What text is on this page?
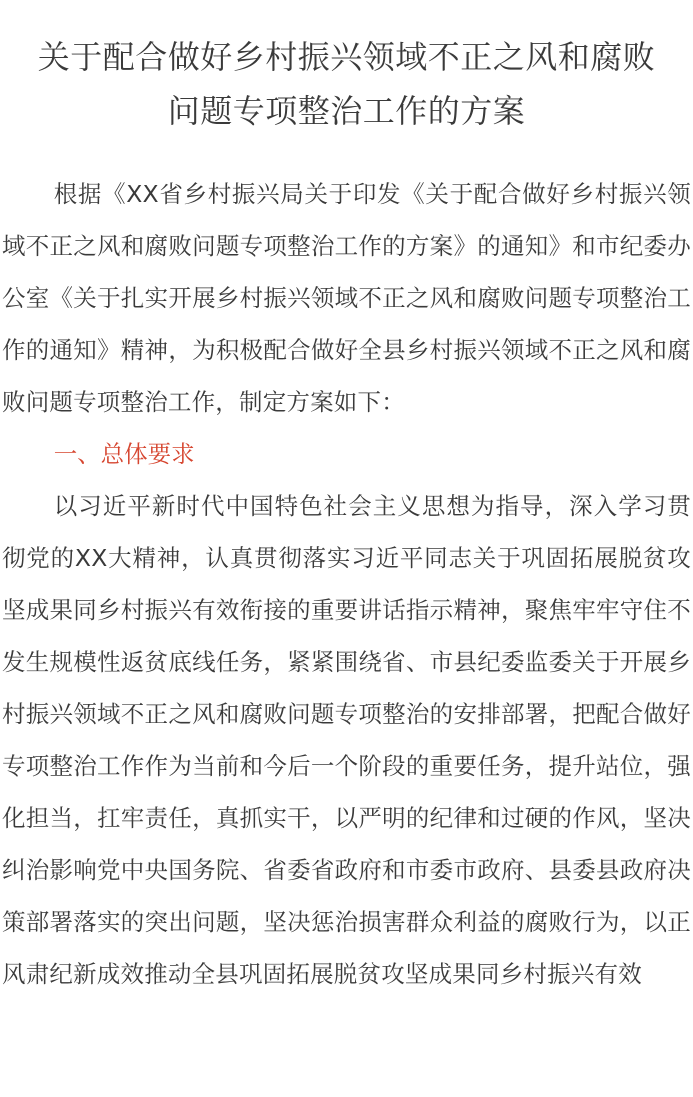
关于配合做好乡村振兴领域不正之风和腐败
问题专项整治工作的方案

根据《XX省乡村振兴局关于印发《关于配合做好乡村振兴领域不正之风和腐败问题专项整治工作的方案》的通知》和市纪委办公室《关于扎实开展乡村振兴领域不正之风和腐败问题专项整治工作的通知》精神，为积极配合做好全县乡村振兴领域不正之风和腐败问题专项整治工作，制定方案如下：

一、总体要求

以习近平新时代中国特色社会主义思想为指导，深入学习贯彻党的XX大精神，认真贯彻落实习近平同志关于巩固拓展脱贫攻坚成果同乡村振兴有效衔接的重要讲话指示精神，聚焦牢牢守住不发生规模性返贫底线任务，紧紧围绕省、市县纪委监委关于开展乡村振兴领域不正之风和腐败问题专项整治的安排部署，把配合做好专项整治工作作为当前和今后一个阶段的重要任务，提升站位，强化担当，扛牢责任，真抓实干，以严明的纪律和过硬的作风，坚决纠治影响党中央国务院、省委省政府和市委市政府、县委县政府决策部署落实的突出问题，坚决惩治损害群众利益的腐败行为，以正风肃纪新成效推动全县巩固拓展脱贫攻坚成果同乡村振兴有效
